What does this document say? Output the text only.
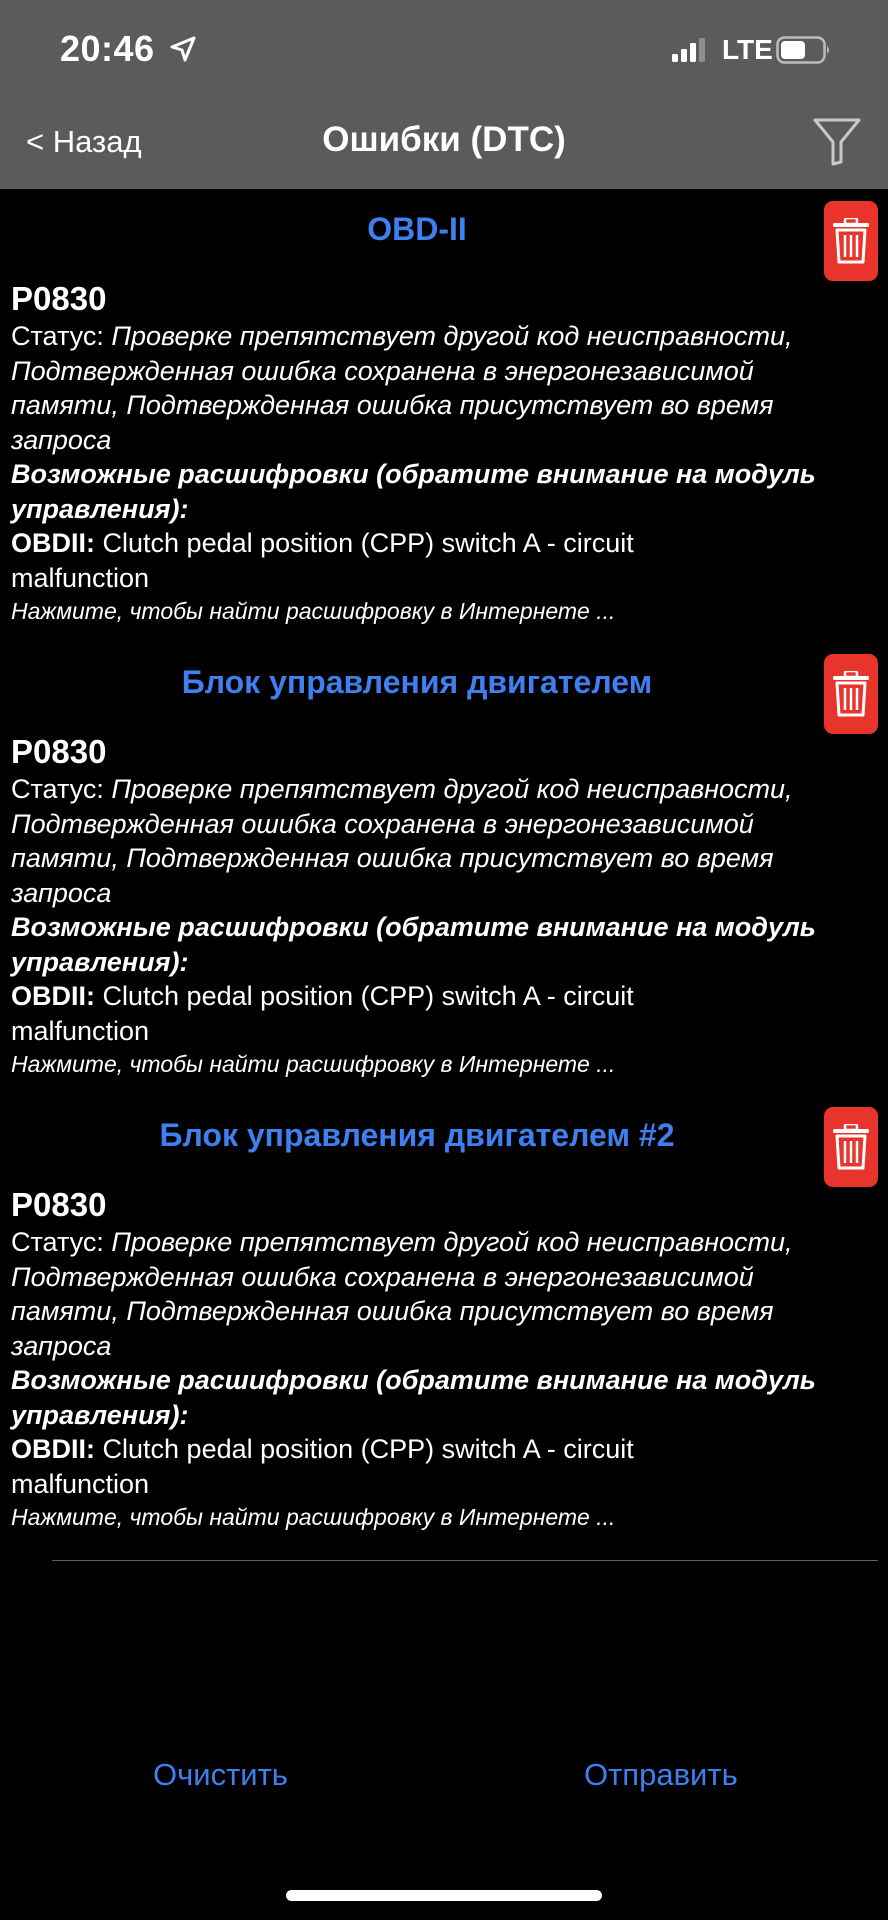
20:46	LTE
< Назад	Ошибки (DTC)
OBD-II
P0830

Статус: Проверке препятствует другой код неисправности,

Подтвержденная ошибка сохранена в энергонезависимой

памяти, Подтвержденная ошибка присутствует во время

запроса

Возможные расшифровки (обратите внимание на модуль

управления):

OBDII: Clutch pedal position (CPP) switch A - circuit

malfunction

Нажмите, чтобы найти расшифровку в Интернете ...
Блок управления двигателем
P0830

Статус: Проверке препятствует другой код неисправности,

Подтвержденная ошибка сохранена в энергонезависимой

памяти, Подтвержденная ошибка присутствует во время

запроса

Возможные расшифровки (обратите внимание на модуль

управления):

OBDII: Clutch pedal position (CPP) switch A - circuit

malfunction

Нажмите, чтобы найти расшифровку в Интернете ...
Блок управления двигателем #2
P0830

Статус: Проверке препятствует другой код неисправности,

Подтвержденная ошибка сохранена в энергонезависимой

памяти, Подтвержденная ошибка присутствует во время

запроса

Возможные расшифровки (обратите внимание на модуль

управления):

OBDII: Clutch pedal position (CPP) switch A - circuit

malfunction

Нажмите, чтобы найти расшифровку в Интернете ...
Очистить	Отправить
